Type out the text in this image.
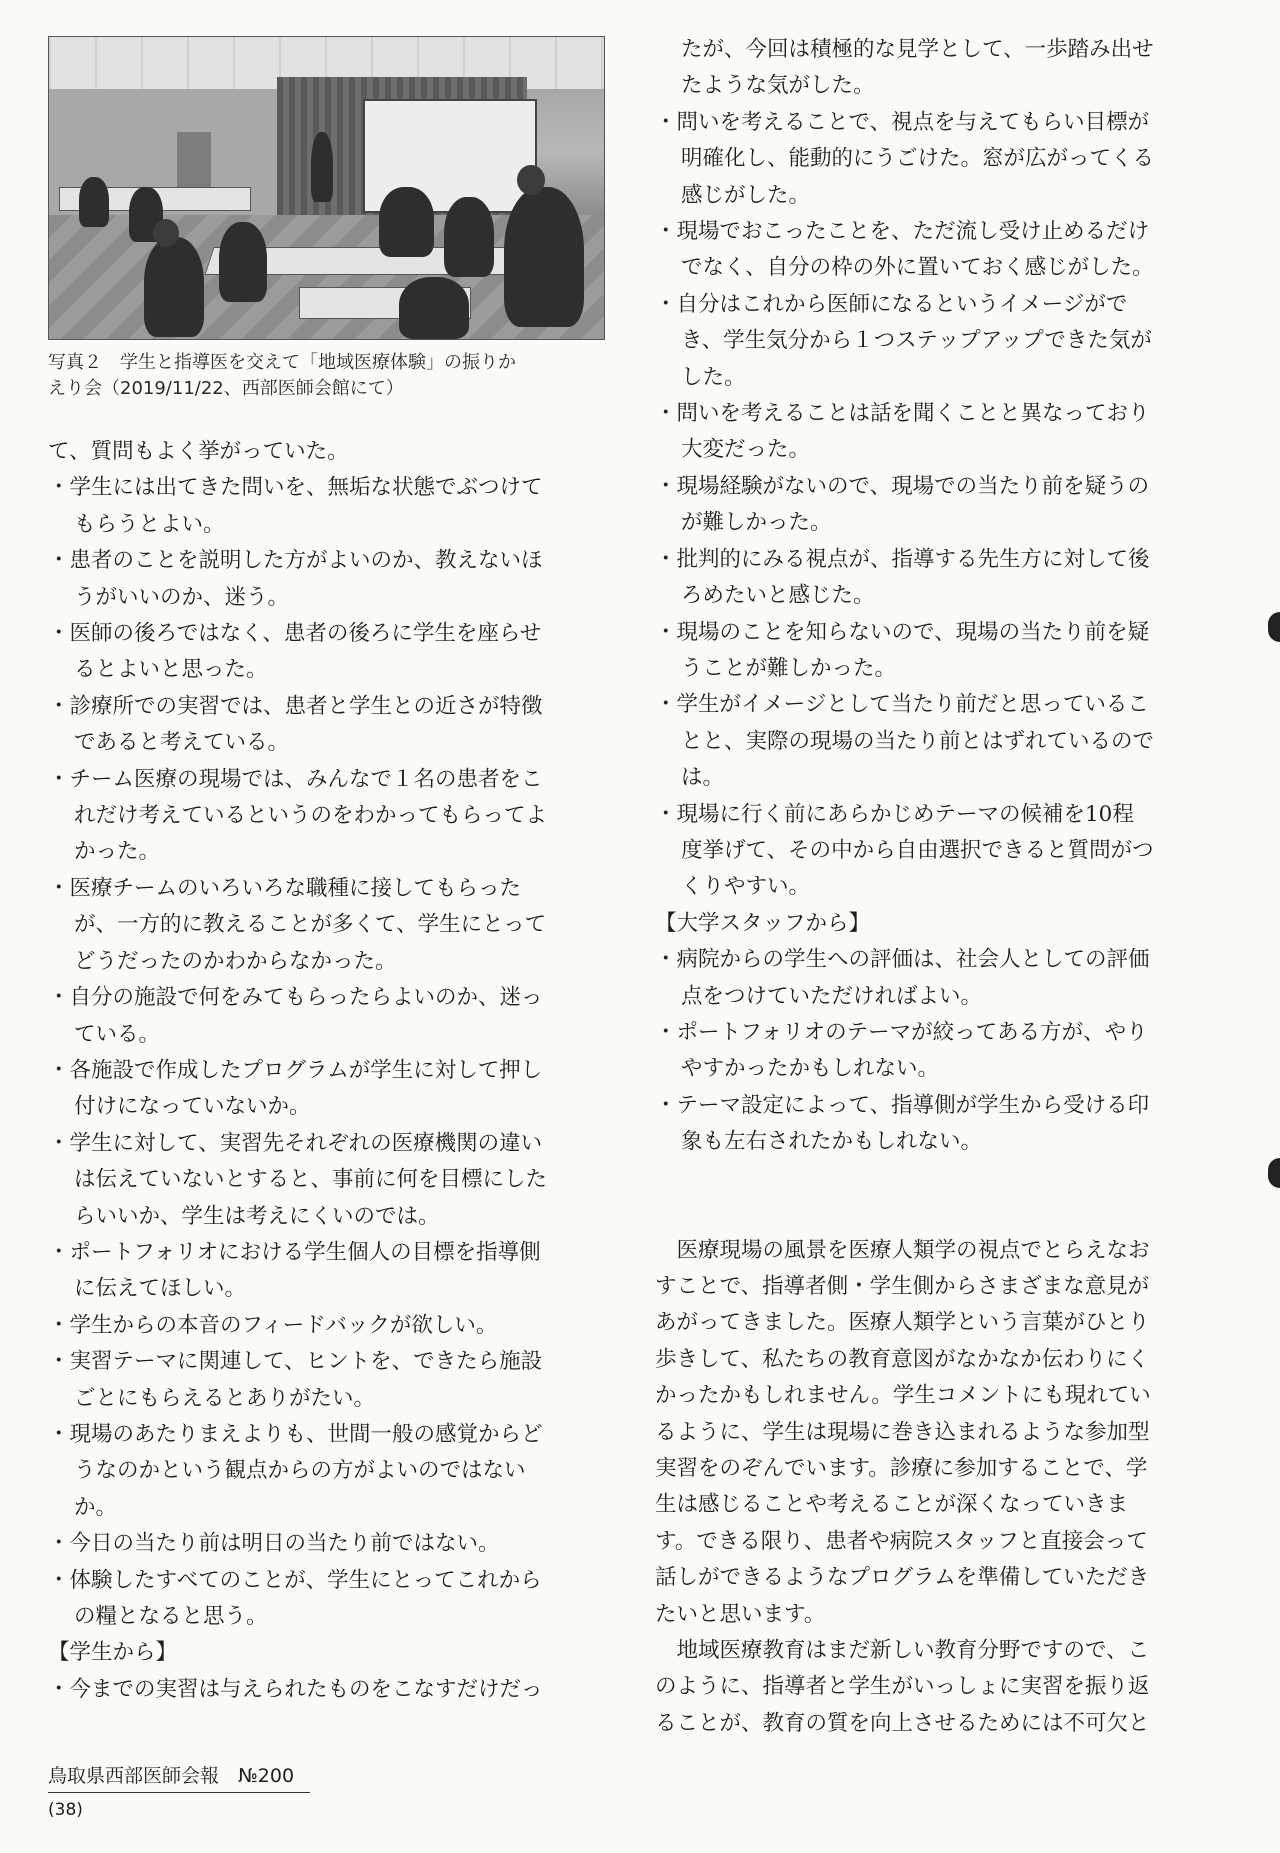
写真２　学生と指導医を交えて「地域医療体験」の振りか
えり会（2019/11/22、西部医師会館にて）
て、質問もよく挙がっていた。
・学生には出てきた問いを、無垢な状態でぶつけて
もらうとよい。
・患者のことを説明した方がよいのか、教えないほ
うがいいのか、迷う。
・医師の後ろではなく、患者の後ろに学生を座らせ
るとよいと思った。
・診療所での実習では、患者と学生との近さが特徴
であると考えている。
・チーム医療の現場では、みんなで１名の患者をこ
れだけ考えているというのをわかってもらってよ
かった。
・医療チームのいろいろな職種に接してもらった
が、一方的に教えることが多くて、学生にとって
どうだったのかわからなかった。
・自分の施設で何をみてもらったらよいのか、迷っ
ている。
・各施設で作成したプログラムが学生に対して押し
付けになっていないか。
・学生に対して、実習先それぞれの医療機関の違い
は伝えていないとすると、事前に何を目標にした
らいいか、学生は考えにくいのでは。
・ポートフォリオにおける学生個人の目標を指導側
に伝えてほしい。
・学生からの本音のフィードバックが欲しい。
・実習テーマに関連して、ヒントを、できたら施設
ごとにもらえるとありがたい。
・現場のあたりまえよりも、世間一般の感覚からど
うなのかという観点からの方がよいのではない
か。
・今日の当たり前は明日の当たり前ではない。
・体験したすべてのことが、学生にとってこれから
の糧となると思う。
【学生から】
・今までの実習は与えられたものをこなすだけだっ
たが、今回は積極的な見学として、一歩踏み出せ
たような気がした。
・問いを考えることで、視点を与えてもらい目標が
明確化し、能動的にうごけた。窓が広がってくる
感じがした。
・現場でおこったことを、ただ流し受け止めるだけ
でなく、自分の枠の外に置いておく感じがした。
・自分はこれから医師になるというイメージがで
き、学生気分から１つステップアップできた気が
した。
・問いを考えることは話を聞くことと異なっており
大変だった。
・現場経験がないので、現場での当たり前を疑うの
が難しかった。
・批判的にみる視点が、指導する先生方に対して後
ろめたいと感じた。
・現場のことを知らないので、現場の当たり前を疑
うことが難しかった。
・学生がイメージとして当たり前だと思っているこ
とと、実際の現場の当たり前とはずれているので
は。
・現場に行く前にあらかじめテーマの候補を10程
度挙げて、その中から自由選択できると質問がつ
くりやすい。
【大学スタッフから】
・病院からの学生への評価は、社会人としての評価
点をつけていただければよい。
・ポートフォリオのテーマが絞ってある方が、やり
やすかったかもしれない。
・テーマ設定によって、指導側が学生から受ける印
象も左右されたかもしれない。
　医療現場の風景を医療人類学の視点でとらえなお
すことで、指導者側・学生側からさまざまな意見が
あがってきました。医療人類学という言葉がひとり
歩きして、私たちの教育意図がなかなか伝わりにく
かったかもしれません。学生コメントにも現れてい
るように、学生は現場に巻き込まれるような参加型
実習をのぞんでいます。診療に参加することで、学
生は感じることや考えることが深くなっていきま
す。できる限り、患者や病院スタッフと直接会って
話しができるようなプログラムを準備していただき
たいと思います。
　地域医療教育はまだ新しい教育分野ですので、こ
のように、指導者と学生がいっしょに実習を振り返
ることが、教育の質を向上させるためには不可欠と
鳥取県西部医師会報　№200
(38)
